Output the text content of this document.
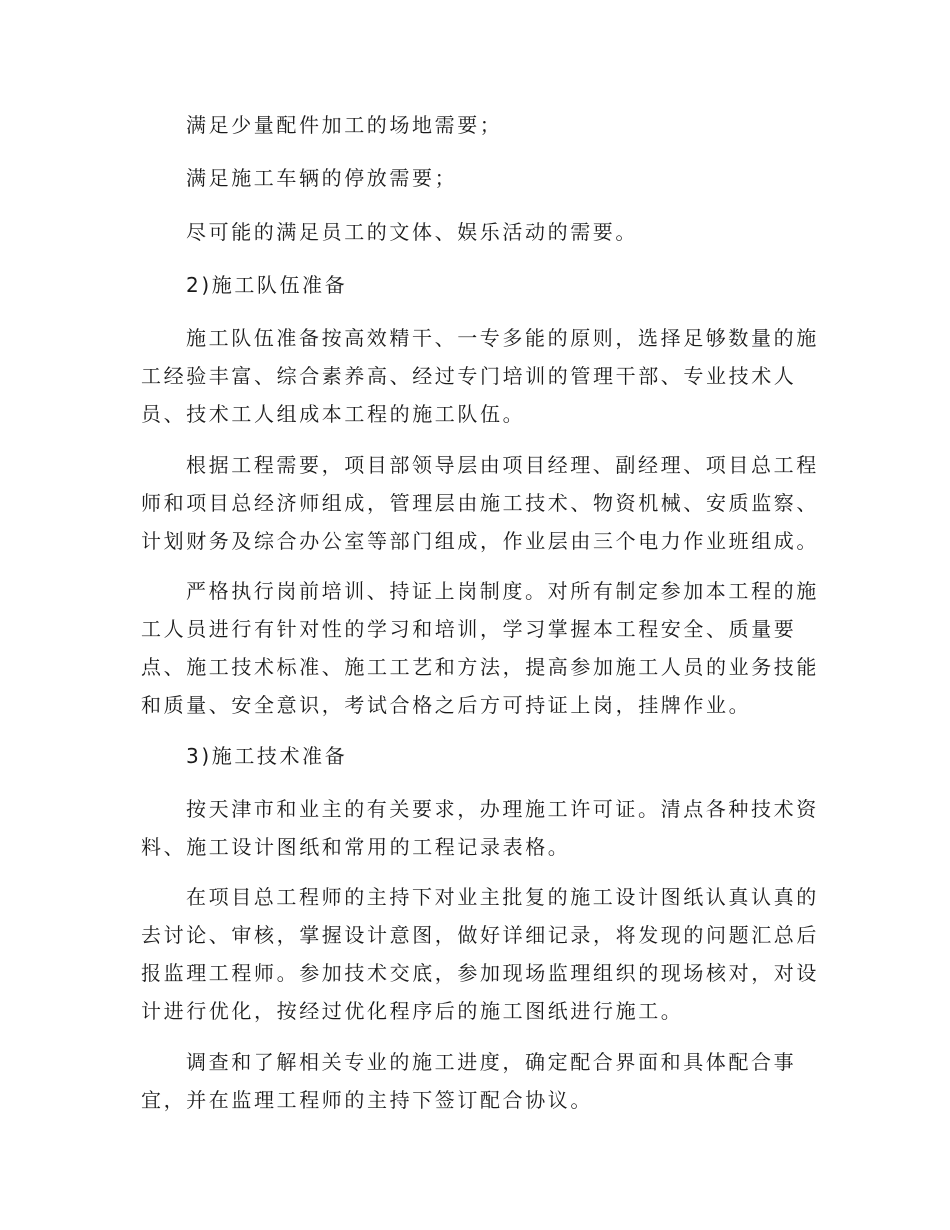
满足少量配件加工的场地需要；
满足施工车辆的停放需要；
尽可能的满足员工的文体、娱乐活动的需要。
2)施工队伍准备
施工队伍准备按高效精干、一专多能的原则，选择足够数量的施
工经验丰富、综合素养高、经过专门培训的管理干部、专业技术人
员、技术工人组成本工程的施工队伍。
根据工程需要，项目部领导层由项目经理、副经理、项目总工程
师和项目总经济师组成，管理层由施工技术、物资机械、安质监察、
计划财务及综合办公室等部门组成，作业层由三个电力作业班组成。
严格执行岗前培训、持证上岗制度。对所有制定参加本工程的施
工人员进行有针对性的学习和培训，学习掌握本工程安全、质量要
点、施工技术标准、施工工艺和方法，提高参加施工人员的业务技能
和质量、安全意识，考试合格之后方可持证上岗，挂牌作业。
3)施工技术准备
按天津市和业主的有关要求，办理施工许可证。清点各种技术资
料、施工设计图纸和常用的工程记录表格。
在项目总工程师的主持下对业主批复的施工设计图纸认真认真的
去讨论、审核，掌握设计意图，做好详细记录，将发现的问题汇总后
报监理工程师。参加技术交底，参加现场监理组织的现场核对，对设
计进行优化，按经过优化程序后的施工图纸进行施工。
调查和了解相关专业的施工进度，确定配合界面和具体配合事
宜，并在监理工程师的主持下签订配合协议。
